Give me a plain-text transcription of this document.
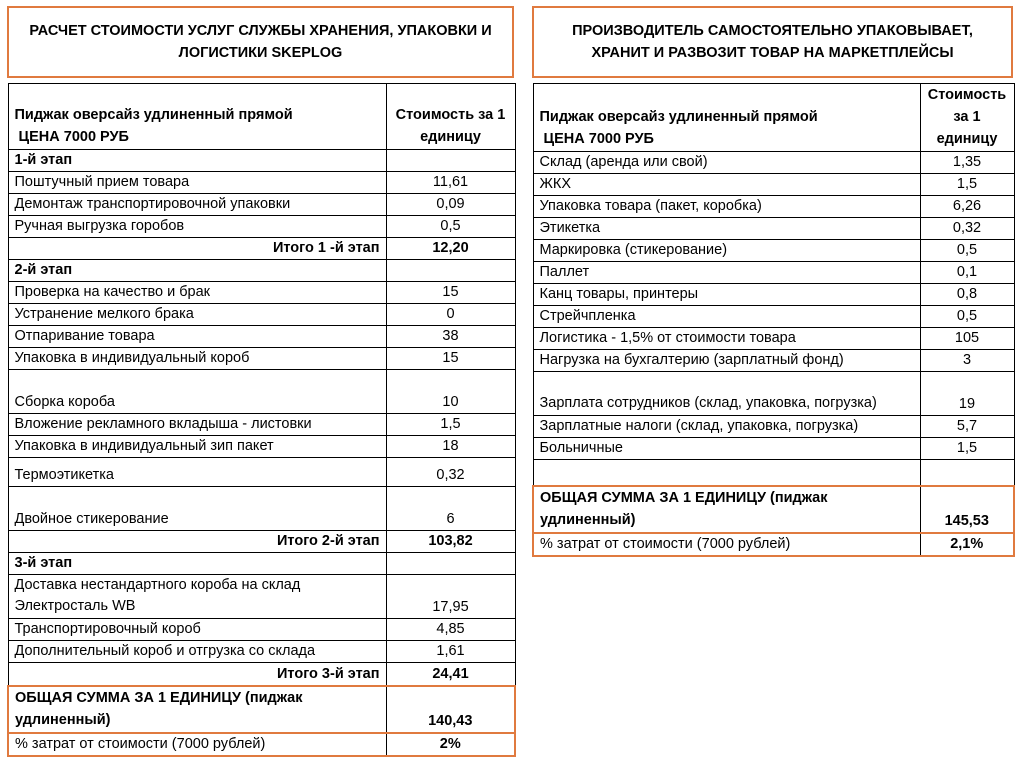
РАСЧЕТ СТОИМОСТИ УСЛУГ СЛУЖБЫ ХРАНЕНИЯ, УПАКОВКИ И ЛОГИСТИКИ SKEPLOG
Пиджак оверсайз удлиненный прямой
ЦЕНА 7000 РУБ	Стоимость за 1 единицу
1-й этап	
Поштучный прием товара	11,61
Демонтаж транспортировочной упаковки	0,09
Ручная выгрузка горобов	0,5
Итого 1 -й этап	12,20
2-й этап	
Проверка на качество и брак	15
Устранение мелкого брака	0
Отпаривание товара	38
Упаковка в индивидуальный короб	15
Сборка короба	10
Вложение рекламного вкладыша - листовки	1,5
Упаковка в индивидуальный зип пакет	18
Термоэтикетка	0,32
Двойное стикерование	6
Итого 2-й этап	103,82
3-й этап	
Доставка нестандартного короба на склад Электросталь WB	17,95
Транспортировочный короб	4,85
Дополнительный короб и отгрузка со склада	1,61
Итого 3-й этап	24,41
ОБЩАЯ СУММА ЗА 1 ЕДИНИЦУ (пиджак удлиненный)	140,43
% затрат от стоимости (7000 рублей)	2%
ПРОИЗВОДИТЕЛЬ САМОСТОЯТЕЛЬНО УПАКОВЫВАЕТ, ХРАНИТ И РАЗВОЗИТ ТОВАР НА МАРКЕТПЛЕЙСЫ
Пиджак оверсайз удлиненный прямой
ЦЕНА 7000 РУБ	Стоимость за 1 единицу
Склад (аренда или свой)	1,35
ЖКХ	1,5
Упаковка товара (пакет, коробка)	6,26
Этикетка	0,32
Маркировка (стикерование)	0,5
Паллет	0,1
Канц товары, принтеры	0,8
Стрейчпленка	0,5
Логистика - 1,5% от стоимости товара	105
Нагрузка на бухгалтерию (зарплатный фонд)	3
Зарплата сотрудников (склад, упаковка, погрузка)	19
Зарплатные налоги (склад, упаковка, погрузка)	5,7
Больничные	1,5

ОБЩАЯ СУММА ЗА 1 ЕДИНИЦУ (пиджак удлиненный)	145,53
% затрат от стоимости (7000 рублей)	2,1%
